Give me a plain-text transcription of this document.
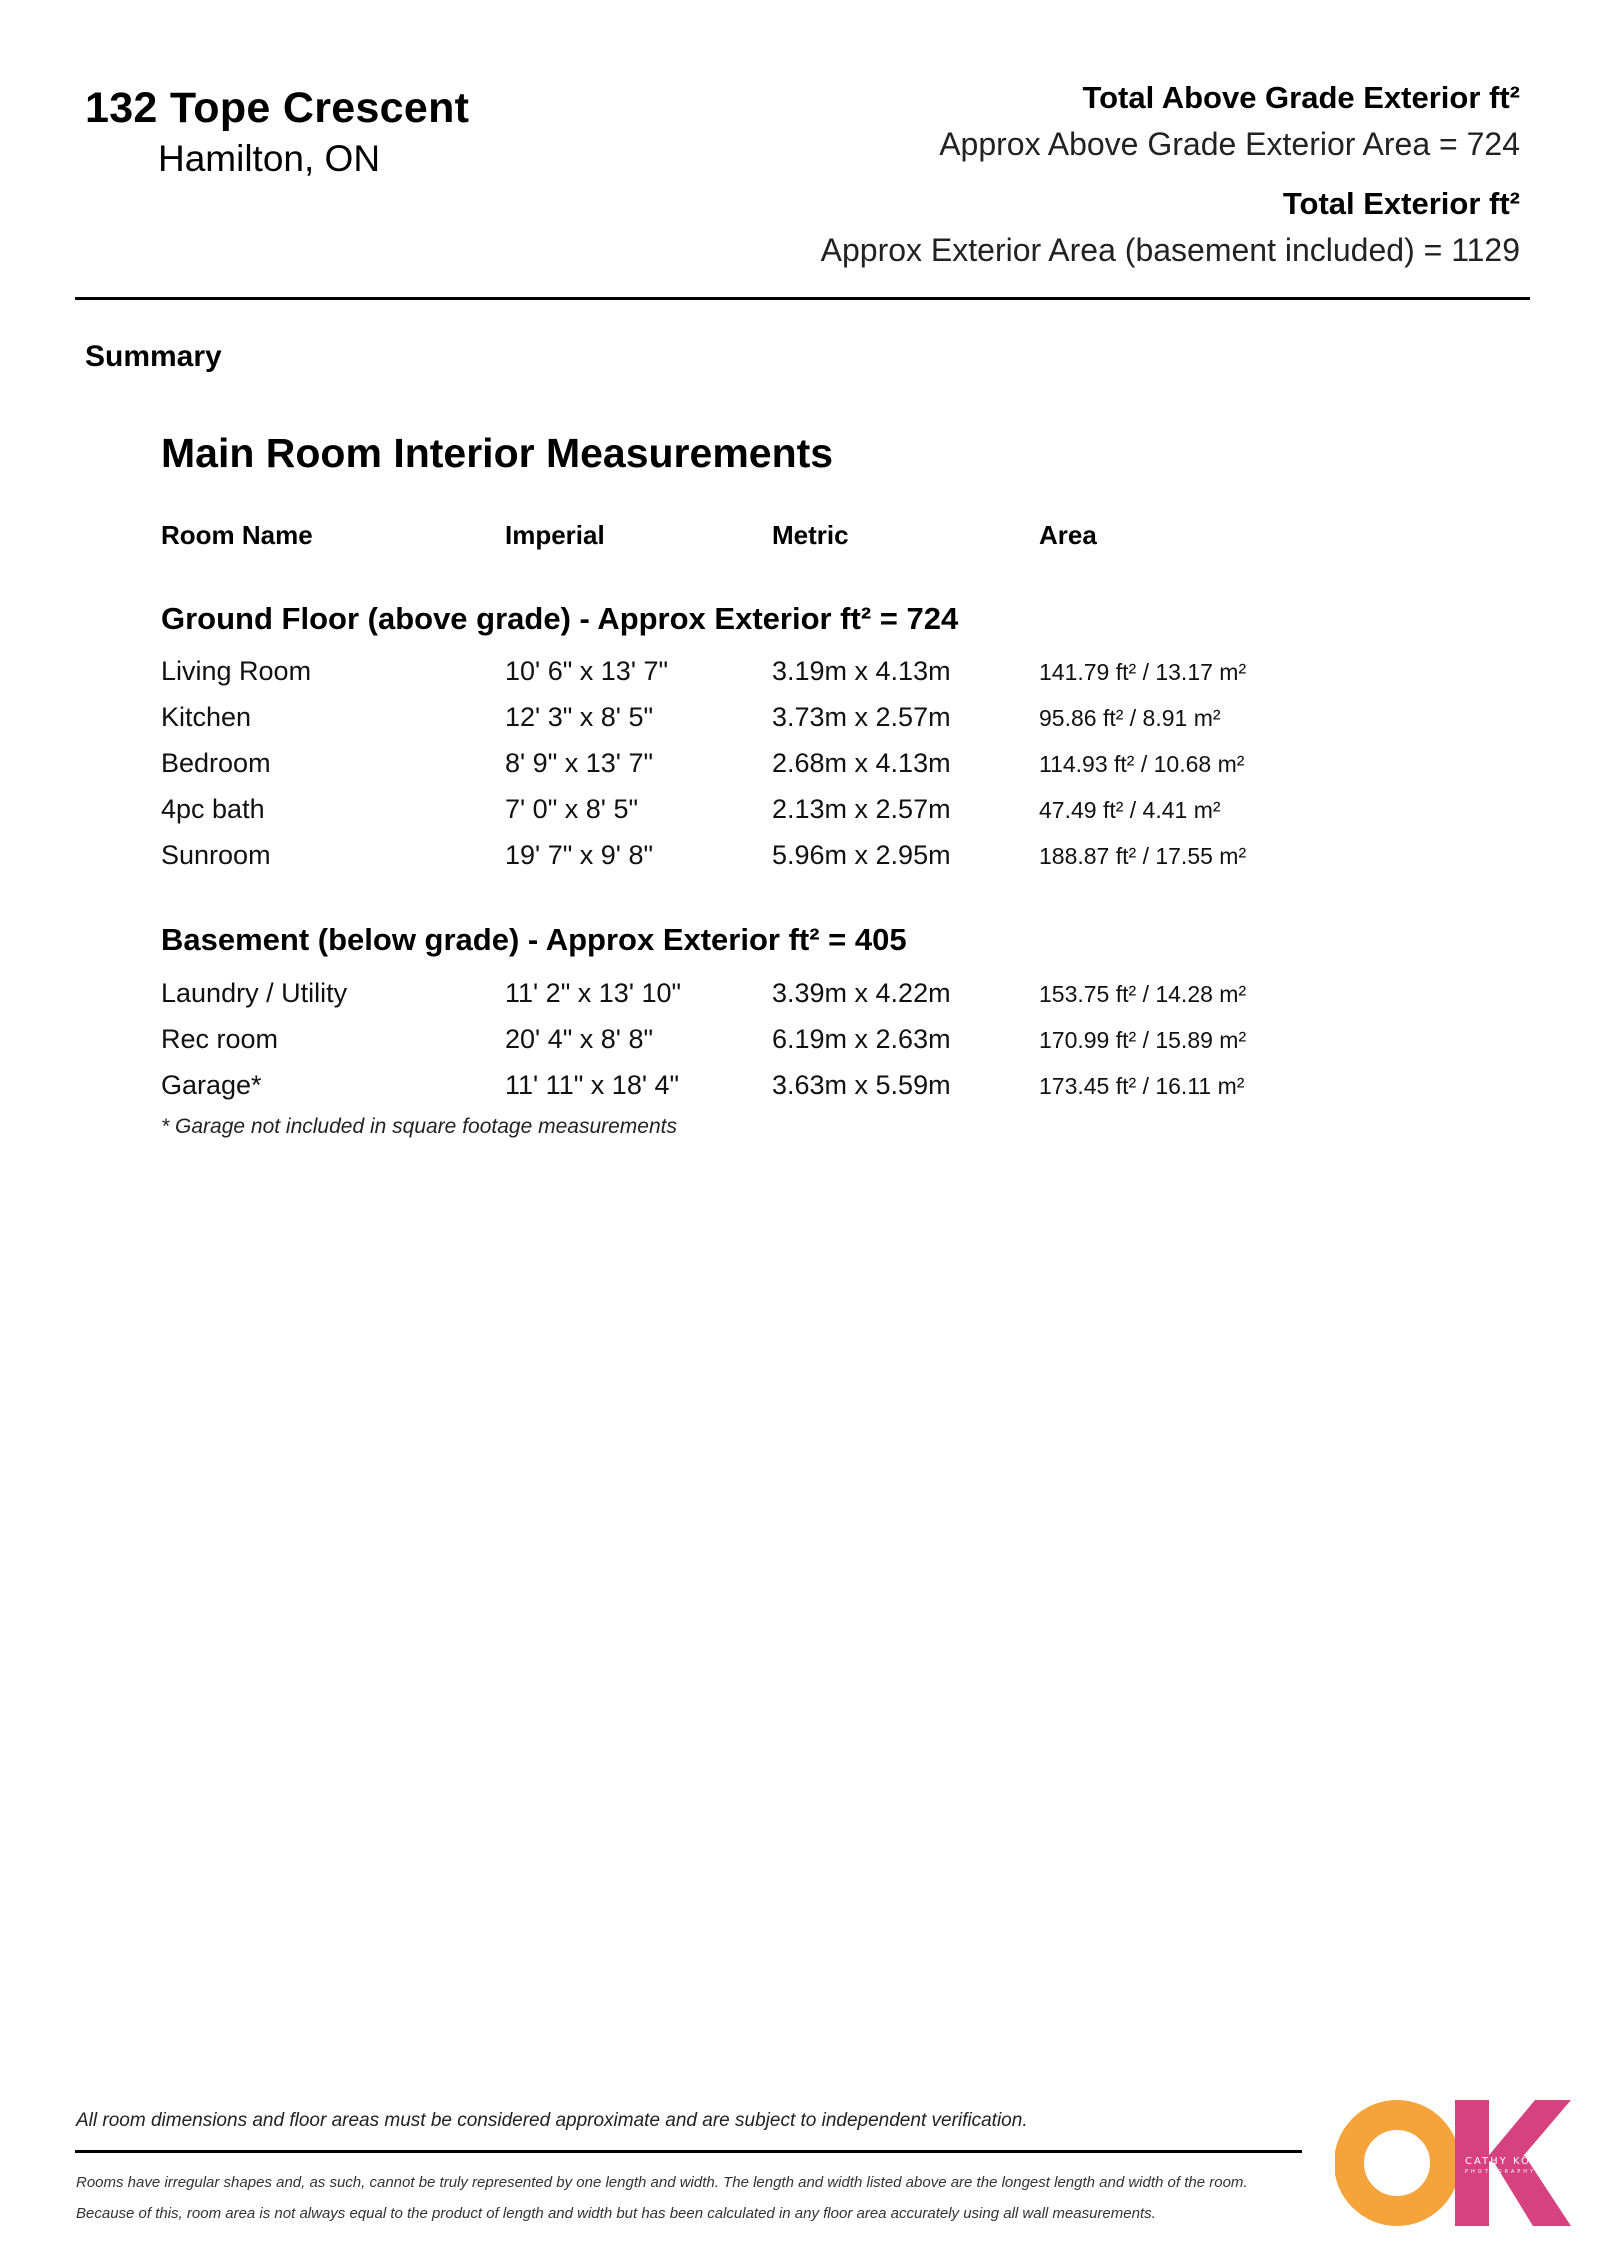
132 Tope Crescent
Hamilton, ON
Total Above Grade Exterior ft²
Approx Above Grade Exterior Area = 724
Total Exterior ft²
Approx Exterior Area (basement included) = 1129
Summary
Main Room Interior Measurements
Room Name	Imperial	Metric	Area
Ground Floor (above grade) - Approx Exterior ft² = 724
Living Room	10' 6" x 13' 7"	3.19m x 4.13m	141.79 ft² / 13.17 m²
Kitchen	12' 3" x 8' 5"	3.73m x 2.57m	95.86 ft² / 8.91 m²
Bedroom	8' 9" x 13' 7"	2.68m x 4.13m	114.93 ft² / 10.68 m²
4pc bath	7' 0" x 8' 5"	2.13m x 2.57m	47.49 ft² / 4.41 m²
Sunroom	19' 7" x 9' 8"	5.96m x 2.95m	188.87 ft² / 17.55 m²
Basement (below grade) - Approx Exterior ft² = 405
Laundry / Utility	11' 2" x 13' 10"	3.39m x 4.22m	153.75 ft² / 14.28 m²
Rec room	20' 4" x 8' 8"	6.19m x 2.63m	170.99 ft² / 15.89 m²
Garage*	11' 11" x 18' 4"	3.63m x 5.59m	173.45 ft² / 16.11 m²
* Garage not included in square footage measurements
All room dimensions and floor areas must be considered approximate and are subject to independent verification.
Rooms have irregular shapes and, as such, cannot be truly represented by one length and width. The length and width listed above are the longest length and width of the room.
Because of this, room area is not always equal to the product of length and width but has been calculated in any floor area accurately using all wall measurements.
CATHY KOOP
PHOTOGRAPHY
